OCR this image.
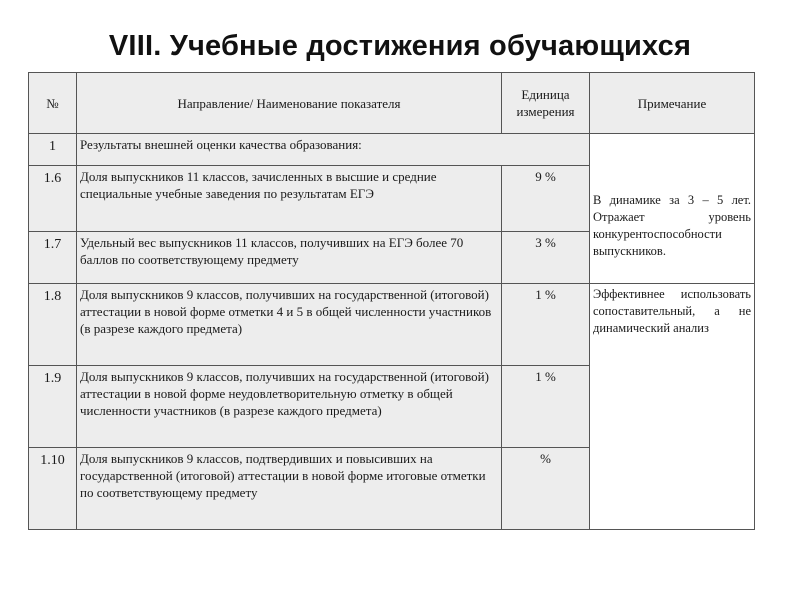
VIII. Учебные достижения обучающихся
№	Направление/ Наименование показателя	Единица измерения	Примечание
1	Результаты внешней оценки качества образования:		В динамике за 3 – 5 лет. Отражает уровень конкурентоспособности выпускников.
1.6	Доля выпускников 11 классов, зачисленных в высшие и средние специальные учебные заведения по результатам ЕГЭ	9 %	
1.7	Удельный вес выпускников 11 классов, получивших на ЕГЭ более 70 баллов по соответствующему предмету	3 %	
1.8	Доля выпускников 9 классов, получивших на государственной (итоговой) аттестации в новой форме отметки 4 и 5 в общей численности участников (в разрезе каждого предмета)	1 %	Эффективнее использовать сопоставительный, а не динамический анализ
1.9	Доля выпускников 9 классов, получивших на государственной (итоговой) аттестации в новой форме неудовлетворительную отметку в общей численности участников (в разрезе каждого предмета)	1 %	
1.10	Доля выпускников 9 классов, подтвердивших и повысивших на государственной (итоговой) аттестации в новой форме итоговые отметки по соответствующему предмету	%	
